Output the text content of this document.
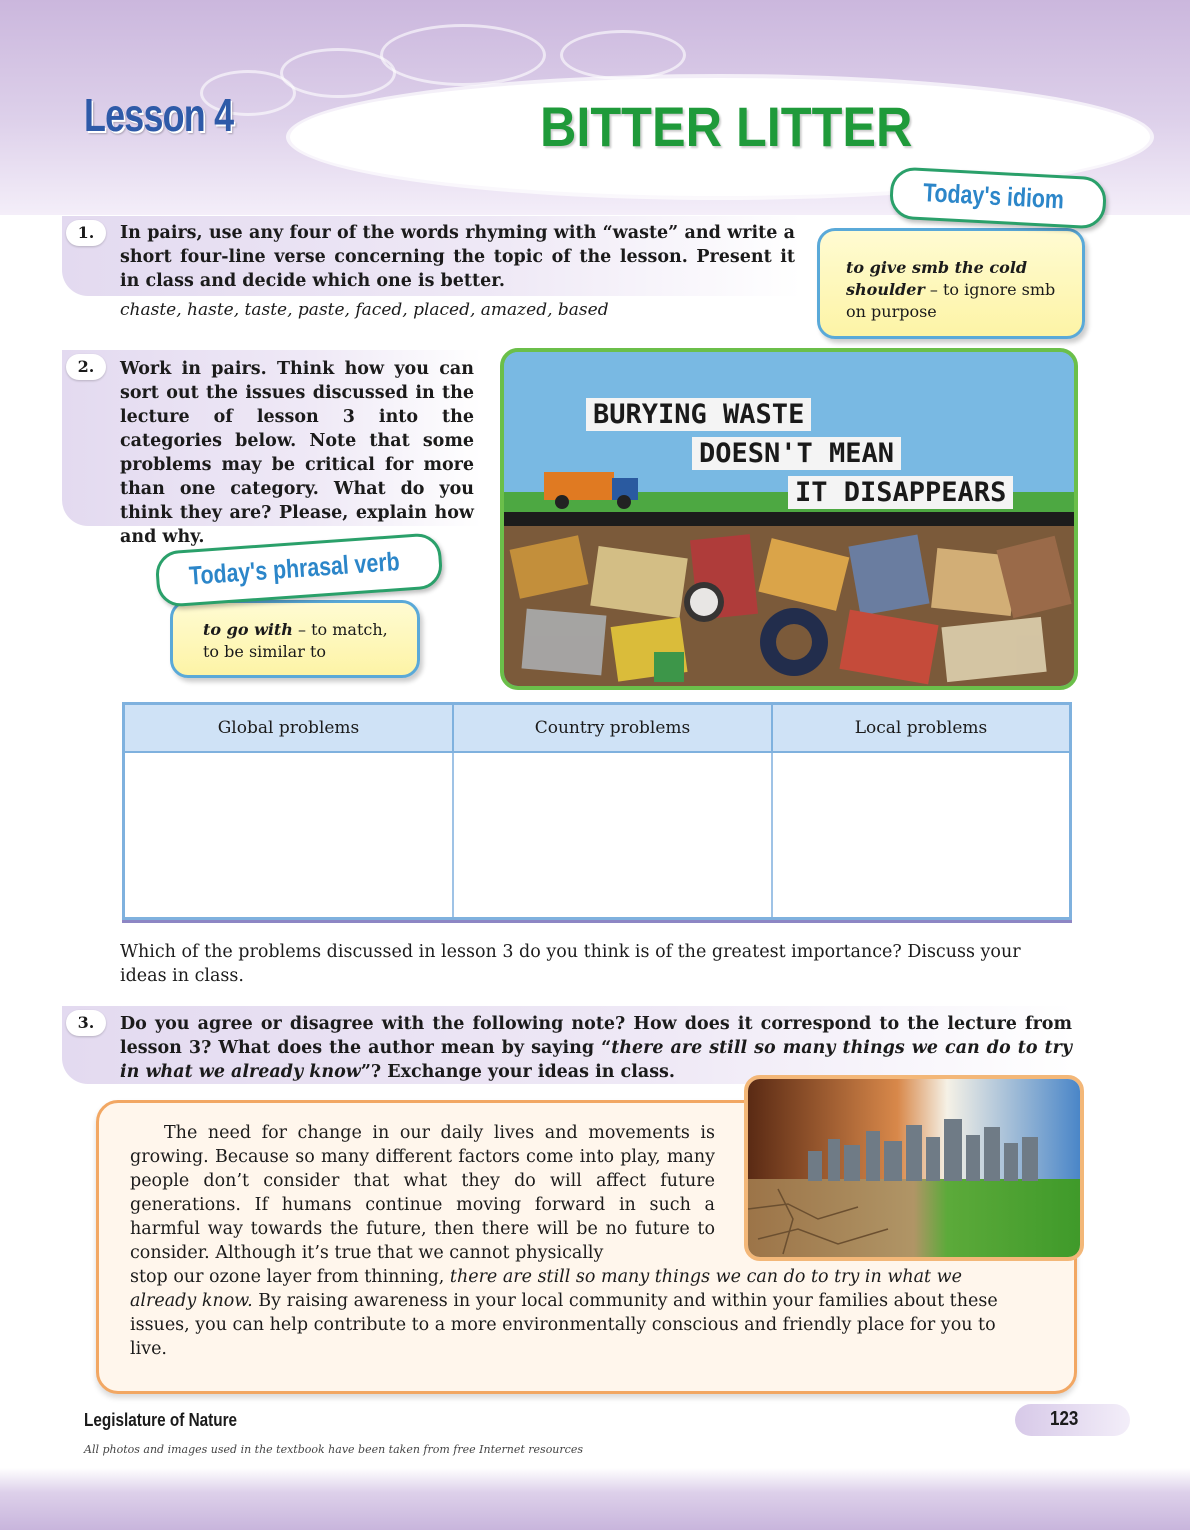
Lesson 4	BITTER LITTER
1.	In pairs, use any four of the words rhyming with “waste” and write a short four-line verse concerning the topic of the lesson. Present it in class and decide which one is better.
chaste, haste, taste, paste, faced, placed, amazed, based
to give smb the cold shoulder – to ignore smb on purpose
Today's idiom
2.	Work in pairs. Think how you can sort out the issues discussed in the lecture of lesson 3 into the categories below. Note that some problems may be critical for more than one category. What do you think they are? Please, explain how and why.
to go with – to match, to be similar to
Today's phrasal verb
BURYING WASTE
DOESN'T MEAN
IT DISAPPEARS
Global problems	Country problems	Local problems

Which of the problems discussed in lesson 3 do you think is of the greatest importance? Discuss your ideas in class.
3.	Do you agree or disagree with the following note? How does it correspond to the lecture from lesson 3? What does the author mean by saying “there are still so many things we can do to try in what we already know”? Exchange your ideas in class.
The need for change in our daily lives and movements is growing. Because so many different factors come into play, many people don’t consider that what they do will affect future generations. If humans continue moving forward in such a harmful way towards the future, then there will be no future to consider. Although it’s true that we cannot physically
stop our ozone layer from thinning, there are still so many things we can do to try in what we already know. By raising awareness in your local community and within your families about these issues, you can help contribute to a more environmentally conscious and friendly place for you to live.
Legislature of Nature	123
All photos and images used in the textbook have been taken from free Internet resources
